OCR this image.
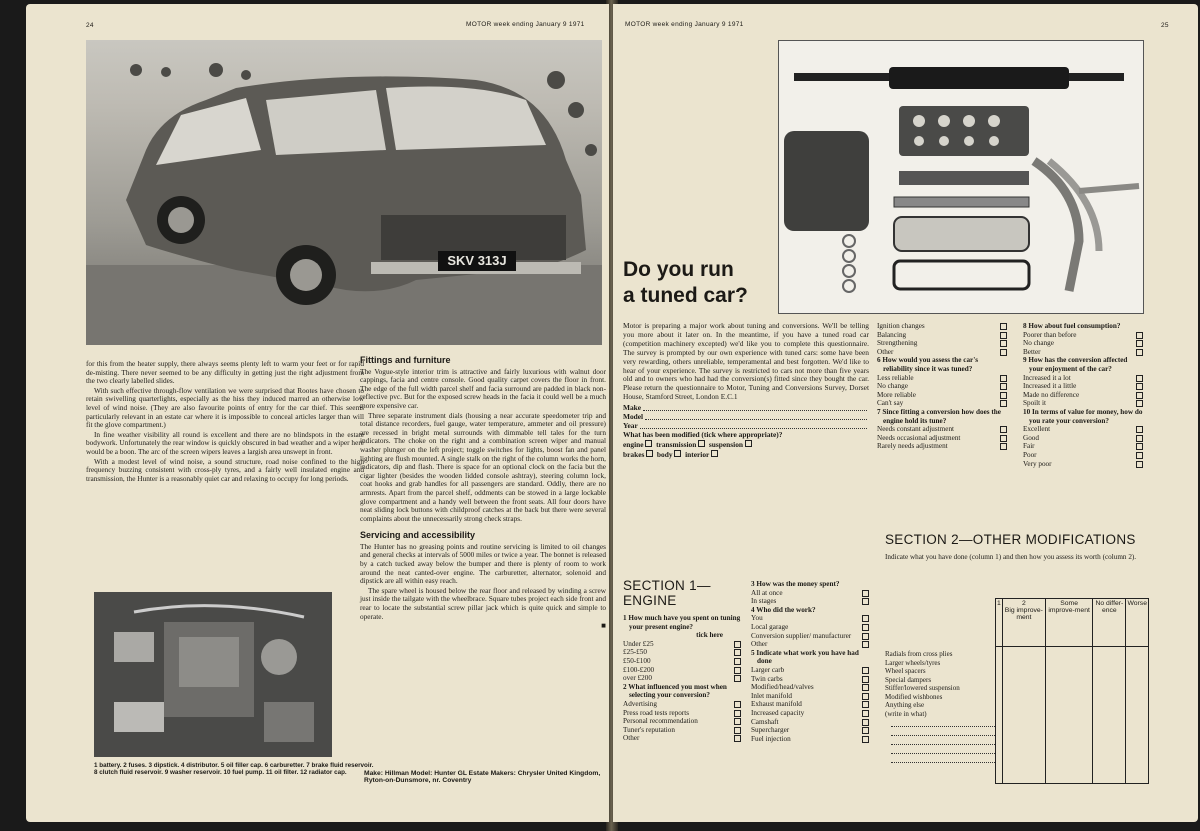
24	MOTOR week ending January 9 1971
SKV 313J

for this from the heater supply, there always seems plenty left to warm your feet or for rapid de-misting. There never seemed to be any difficulty in getting just the right adjustment from the two clearly labelled slides.

With such effective through-flow ventilation we were surprised that Rootes have chosen to retain swivelling quarterlights, especially as the hiss they induced marred an otherwise low level of wind noise. (They are also favourite points of entry for the car thief. This seems particularly relevant in an estate car where it is impossible to conceal articles larger than will fit the glove compartment.)

In fine weather visibility all round is excellent and there are no blindspots in the estate bodywork. Unfortunately the rear window is quickly obscured in bad weather and a wiper here would be a boon. The arc of the screen wipers leaves a largish area unswept in front.

With a modest level of wind noise, a sound structure, road noise confined to the high frequency buzzing consistent with cross-ply tyres, and a fairly well insulated engine and transmission, the Hunter is a reasonably quiet car and relaxing to occupy for long periods.

Fittings and furniture

The Vogue-style interior trim is attractive and fairly luxurious with walnut door cappings, facia and centre console. Good quality carpet covers the floor in front. The edge of the full width parcel shelf and facia surround are padded in black non-reflective pvc. But for the exposed screw heads in the facia it could well be a much more expensive car.

Three separate instrument dials (housing a near accurate speedometer trip and total distance recorders, fuel gauge, water temperature, ammeter and oil pressure) are recessed in bright metal surrounds with dimmable tell tales for the turn indicators. The choke on the right and a combination screen wiper and manual washer plunger on the left project; toggle switches for lights, boost fan and panel lighting are flush mounted. A single stalk on the right of the column works the horn, indicators, dip and flash. There is space for an optional clock on the facia but the cigar lighter (besides the wooden lidded console ashtray), steering column lock, coat hooks and grab handles for all passengers are standard. Oddly, there are no armrests. Apart from the parcel shelf, oddments can be stowed in a large lockable glove compartment and a handy well between the front seats. All four doors have neat sliding lock buttons with childproof catches at the back but there were several complaints about the unnecessarily strong check straps.

Servicing and accessibility

The Hunter has no greasing points and routine servicing is limited to oil changes and general checks at intervals of 5000 miles or twice a year. The bonnet is released by a catch tucked away below the bumper and there is plenty of room to work around the neat canted-over engine. The carburetter, alternator, solenoid and dipstick are all within easy reach.

The spare wheel is housed below the rear floor and released by winding a screw just inside the tailgate with the wheelbrace. Square tubes project each side front and rear to locate the substantial screw pillar jack which is quite quick and simple to operate.

■
1 battery. 2 fuses. 3 dipstick. 4 distributor. 5 oil filler cap. 6 carburetter. 7 brake fluid reservoir. 8 clutch fluid reservoir. 9 washer reservoir. 10 fuel pump. 11 oil filter. 12 radiator cap.	Make: Hillman Model: Hunter GL Estate Makers: Chrysler United Kingdom, Ryton-on-Dunsmore, nr. Coventry
MOTOR week ending January 9 1971	25
Do you run
a tuned car?

Motor is preparing a major work about tuning and conversions. We'll be telling you more about it later on. In the meantime, if you have a tuned road car (competition machinery excepted) we'd like you to complete this questionnaire. The survey is prompted by our own experience with tuned cars: some have been very rewarding, others unreliable, temperamental and best forgotten. We'd like to hear of your experience. The survey is restricted to cars not more than five years old and to owners who had had the conversion(s) fitted since they bought the car. Please return the questionnaire to Motor, Tuning and Conversions Survey, Dorset House, Stamford Street, London E.C.1

Make
Model
Year
What has been modified (tick where appropriate)?
engine transmission suspension
brakes body interior
SECTION 1—ENGINE
1 How much have you spent on tuning your present engine?
tick here
Under £25
£25-£50
£50-£100
£100-£200
over £200
2 What influenced you most when selecting your conversion?
Advertising
Press road tests reports
Personal recommendation
Tuner's reputation
Other
3 How was the money spent?
All at once
In stages
4 Who did the work?
You
Local garage
Conversion supplier/ manufacturer
Other
5 Indicate what work you have had done
Larger carb
Twin carbs
Modified/head/valves
Inlet manifold
Exhaust manifold
Increased capacity
Camshaft
Supercharger
Fuel injection
Ignition changes
Balancing
Strengthening
Other
6 How would you assess the car's reliability since it was tuned?
Less reliable
No change
More reliable
Can't say
7 Since fitting a conversion how does the engine hold its tune?
Needs constant adjustment
Needs occasional adjustment
Rarely needs adjustment
8 How about fuel consumption?
Poorer than before
No change
Better
9 How has the conversion affected your enjoyment of the car?
Increased it a lot
Increased it a little
Made no difference
Spoilt it
10 In terms of value for money, how do you rate your conversion?
Excellent
Good
Fair
Poor
Very poor
SECTION 2—OTHER MODIFICATIONS
Indicate what you have done (column 1) and then how you assess its worth (column 2).
Radials from cross plies
Larger wheels/tyres
Wheel spacers
Special dampers
Stiffer/lowered suspension
Modified wishbones
Anything else
(write in what)
1	2
Big improve-ment	Some improve-ment	No differ-ence	Worse
